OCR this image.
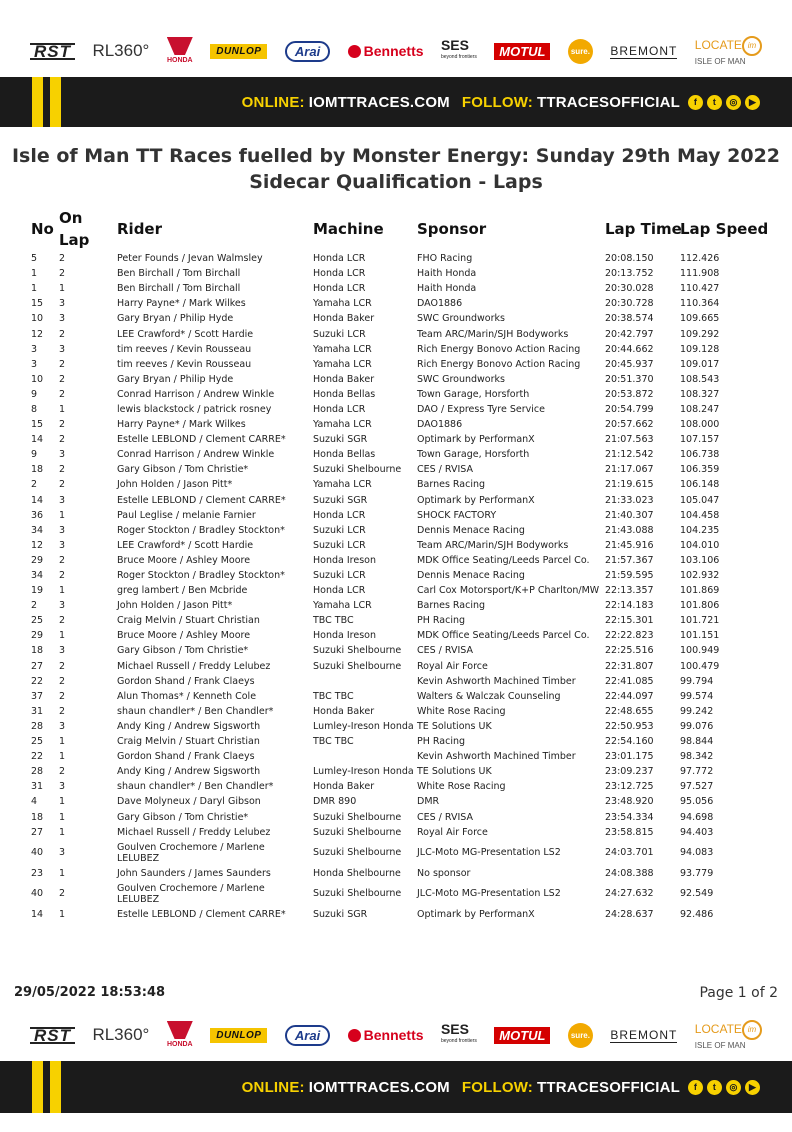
RST RL360°
HONDA
DUNLOP	Arai	Bennetts SES
beyond frontiers	MOTUL	sure. BREMONT LOCATE im
ISLE OF MAN
ONLINE: IOMTTRACES.COM FOLLOW: TTRACESOFFICIAL	f	t	◎	▶
Isle of Man TT Races fuelled by Monster Energy: Sunday 29th May 2022 Sidecar Qualification - Laps
No	On Lap	Rider	Machine	Sponsor	Lap Time	Lap Speed
5	2	Peter Founds / Jevan Walmsley	Honda LCR	FHO Racing	20:08.150	112.426
1	2	Ben Birchall / Tom Birchall	Honda LCR	Haith Honda	20:13.752	111.908
1	1	Ben Birchall / Tom Birchall	Honda LCR	Haith Honda	20:30.028	110.427
15	3	Harry Payne* / Mark Wilkes	Yamaha LCR	DAO1886	20:30.728	110.364
10	3	Gary Bryan / Philip Hyde	Honda Baker	SWC Groundworks	20:38.574	109.665
12	2	LEE Crawford* / Scott Hardie	Suzuki LCR	Team ARC/Marin/SJH Bodyworks	20:42.797	109.292
3	3	tim reeves / Kevin Rousseau	Yamaha LCR	Rich Energy Bonovo Action Racing	20:44.662	109.128
3	2	tim reeves / Kevin Rousseau	Yamaha LCR	Rich Energy Bonovo Action Racing	20:45.937	109.017
10	2	Gary Bryan / Philip Hyde	Honda Baker	SWC Groundworks	20:51.370	108.543
9	2	Conrad Harrison / Andrew Winkle	Honda Bellas	Town Garage, Horsforth	20:53.872	108.327
8	1	lewis blackstock / patrick rosney	Honda LCR	DAO / Express Tyre Service	20:54.799	108.247
15	2	Harry Payne* / Mark Wilkes	Yamaha LCR	DAO1886	20:57.662	108.000
14	2	Estelle LEBLOND / Clement CARRE*	Suzuki SGR	Optimark by PerformanX	21:07.563	107.157
9	3	Conrad Harrison / Andrew Winkle	Honda Bellas	Town Garage, Horsforth	21:12.542	106.738
18	2	Gary Gibson / Tom Christie*	Suzuki Shelbourne	CES / RVISA	21:17.067	106.359
2	2	John Holden / Jason Pitt*	Yamaha LCR	Barnes Racing	21:19.615	106.148
14	3	Estelle LEBLOND / Clement CARRE*	Suzuki SGR	Optimark by PerformanX	21:33.023	105.047
36	1	Paul Leglise / melanie Farnier	Honda LCR	SHOCK FACTORY	21:40.307	104.458
34	3	Roger Stockton / Bradley Stockton*	Suzuki LCR	Dennis Menace Racing	21:43.088	104.235
12	3	LEE Crawford* / Scott Hardie	Suzuki LCR	Team ARC/Marin/SJH Bodyworks	21:45.916	104.010
29	2	Bruce Moore / Ashley Moore	Honda Ireson	MDK Office Seating/Leeds Parcel Co.	21:57.367	103.106
34	2	Roger Stockton / Bradley Stockton*	Suzuki LCR	Dennis Menace Racing	21:59.595	102.932
19	1	greg lambert / Ben Mcbride	Honda LCR	Carl Cox Motorsport/K+P Charlton/MW	22:13.357	101.869
2	3	John Holden / Jason Pitt*	Yamaha LCR	Barnes Racing	22:14.183	101.806
25	2	Craig Melvin / Stuart Christian	TBC TBC	PH Racing	22:15.301	101.721
29	1	Bruce Moore / Ashley Moore	Honda Ireson	MDK Office Seating/Leeds Parcel Co.	22:22.823	101.151
18	3	Gary Gibson / Tom Christie*	Suzuki Shelbourne	CES / RVISA	22:25.516	100.949
27	2	Michael Russell / Freddy Lelubez	Suzuki Shelbourne	Royal Air Force	22:31.807	100.479
22	2	Gordon Shand / Frank Claeys		Kevin Ashworth Machined Timber	22:41.085	99.794
37	2	Alun Thomas* / Kenneth Cole	TBC TBC	Walters & Walczak Counseling	22:44.097	99.574
31	2	shaun chandler* / Ben Chandler*	Honda Baker	White Rose Racing	22:48.655	99.242
28	3	Andy King / Andrew Sigsworth	Lumley-Ireson Honda	TE Solutions UK	22:50.953	99.076
25	1	Craig Melvin / Stuart Christian	TBC TBC	PH Racing	22:54.160	98.844
22	1	Gordon Shand / Frank Claeys		Kevin Ashworth Machined Timber	23:01.175	98.342
28	2	Andy King / Andrew Sigsworth	Lumley-Ireson Honda	TE Solutions UK	23:09.237	97.772
31	3	shaun chandler* / Ben Chandler*	Honda Baker	White Rose Racing	23:12.725	97.527
4	1	Dave Molyneux / Daryl Gibson	DMR 890	DMR	23:48.920	95.056
18	1	Gary Gibson / Tom Christie*	Suzuki Shelbourne	CES / RVISA	23:54.334	94.698
27	1	Michael Russell / Freddy Lelubez	Suzuki Shelbourne	Royal Air Force	23:58.815	94.403
40	3	Goulven Crochemore / Marlene LELUBEZ	Suzuki Shelbourne	JLC-Moto MG-Presentation LS2	24:03.701	94.083
23	1	John Saunders / James Saunders	Honda Shelbourne	No sponsor	24:08.388	93.779
40	2	Goulven Crochemore / Marlene LELUBEZ	Suzuki Shelbourne	JLC-Moto MG-Presentation LS2	24:27.632	92.549
14	1	Estelle LEBLOND / Clement CARRE*	Suzuki SGR	Optimark by PerformanX	24:28.637	92.486
29/05/2022 18:53:48	Page 1 of 2
RST RL360°
HONDA
DUNLOP	Arai	Bennetts SES
beyond frontiers	MOTUL	sure. BREMONT LOCATE im
ISLE OF MAN
ONLINE: IOMTTRACES.COM FOLLOW: TTRACESOFFICIAL	f	t	◎	▶
